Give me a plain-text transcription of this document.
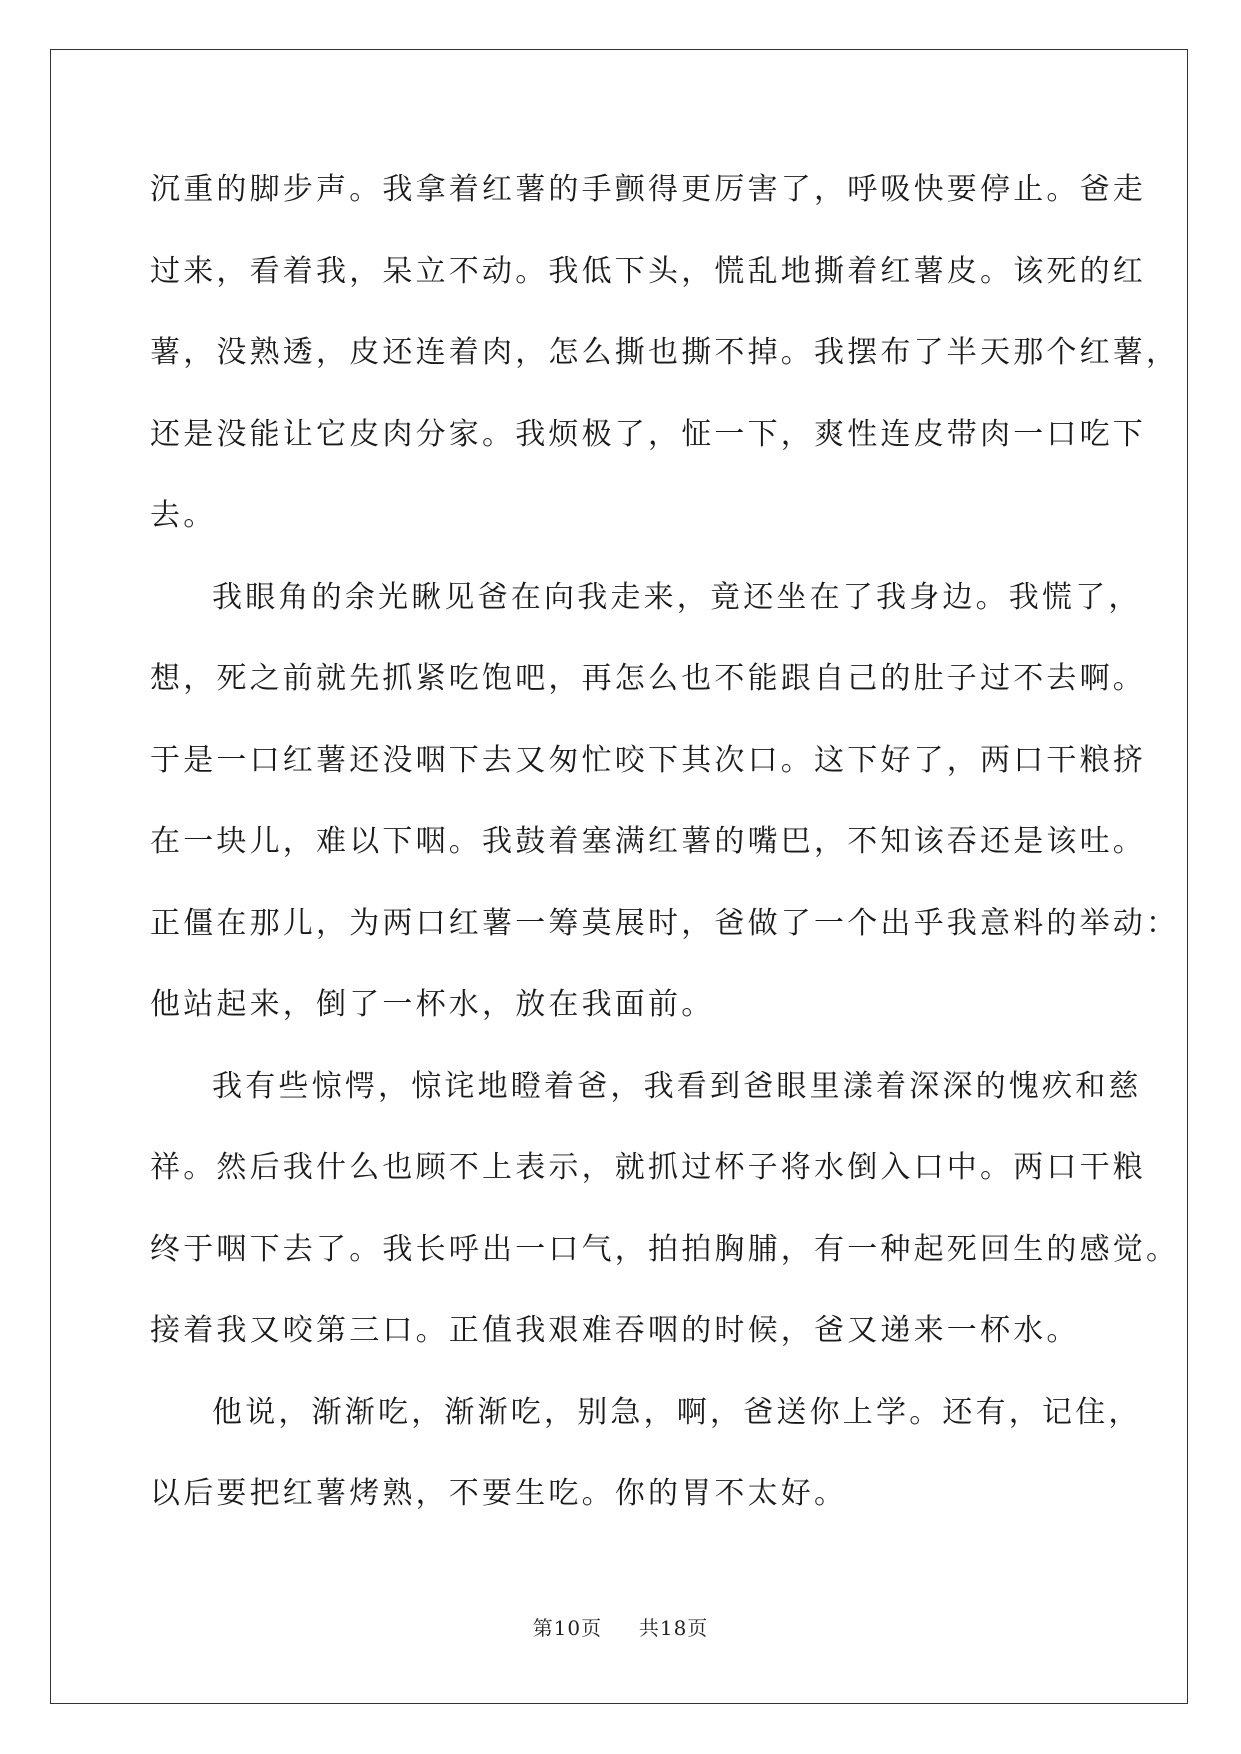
沉重的脚步声。我拿着红薯的手颤得更厉害了，呼吸快要停止。爸走
过来，看着我，呆立不动。我低下头，慌乱地撕着红薯皮。该死的红
薯，没熟透，皮还连着肉，怎么撕也撕不掉。我摆布了半天那个红薯，
还是没能让它皮肉分家。我烦极了，怔一下，爽性连皮带肉一口吃下
去。
我眼角的余光瞅见爸在向我走来，竟还坐在了我身边。我慌了，
想，死之前就先抓紧吃饱吧，再怎么也不能跟自己的肚子过不去啊。
于是一口红薯还没咽下去又匆忙咬下其次口。这下好了，两口干粮挤
在一块儿，难以下咽。我鼓着塞满红薯的嘴巴，不知该吞还是该吐。
正僵在那儿，为两口红薯一筹莫展时，爸做了一个出乎我意料的举动：
他站起来，倒了一杯水，放在我面前。
我有些惊愕，惊诧地瞪着爸，我看到爸眼里漾着深深的愧疚和慈
祥。然后我什么也顾不上表示，就抓过杯子将水倒入口中。两口干粮
终于咽下去了。我长呼出一口气，拍拍胸脯，有一种起死回生的感觉。
接着我又咬第三口。正值我艰难吞咽的时候，爸又递来一杯水。
他说，渐渐吃，渐渐吃，别急，啊，爸送你上学。还有，记住，
以后要把红薯烤熟，不要生吃。你的胃不太好。
第10页 共18页
